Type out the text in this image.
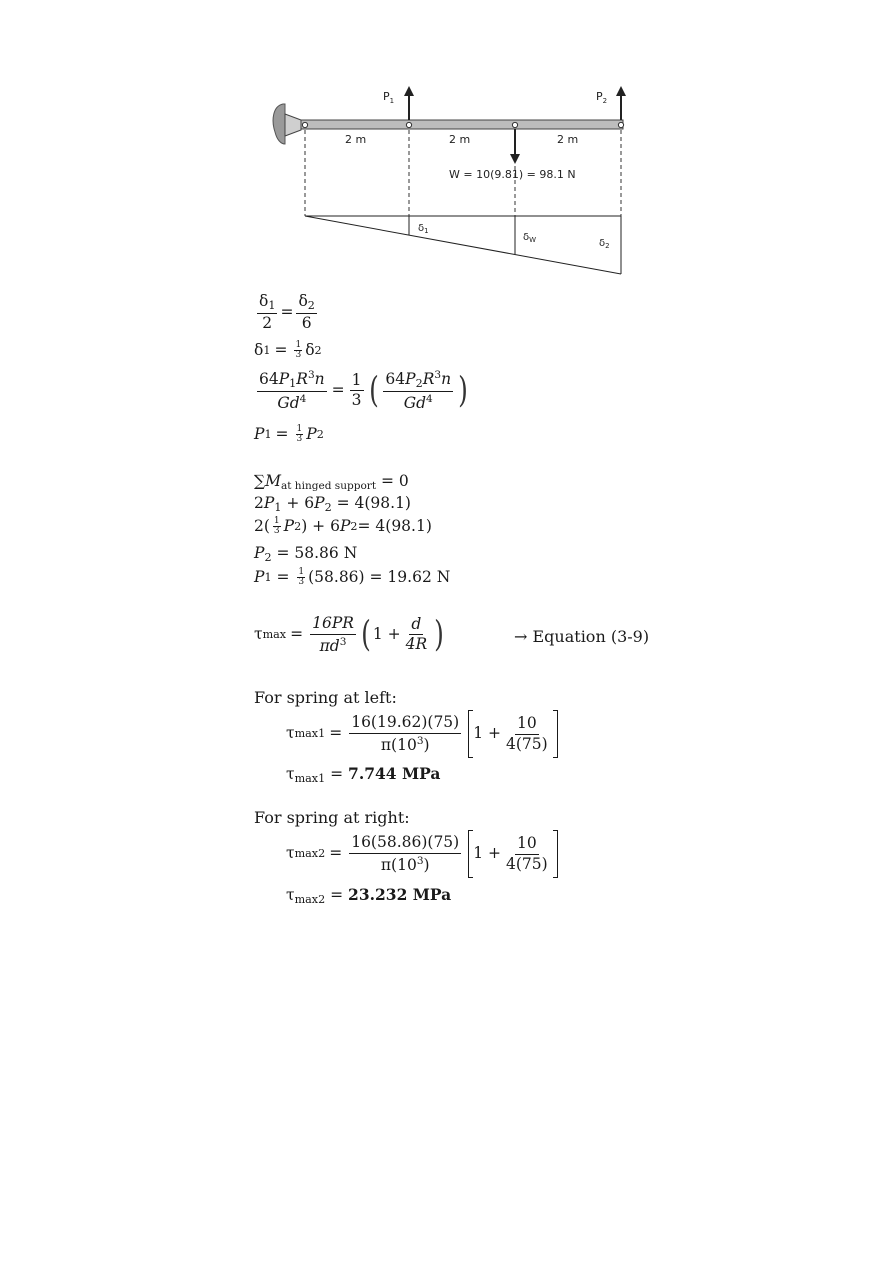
$P_1$	$P_2$
W = 10(9.81) = 98.1 N
2 m	2 m	2 m
$\delta_1$
$\delta_W$	$\delta_2$
$\frac{\delta_1}{2} = \frac{\delta_2}{6}$
δ $1 = \frac{1}{3}$ δ 2
$\frac{64P_1R^3n}{Gd^4} = \frac{1}{3}$ ( $\frac{64P_2R^3n}{Gd^4}$ )
P $1 = \frac{1}{3}$ P 2
$\sum M_{at hinged support} = 0$
$2P_1 + 6P_2 = 4(98.1)$
2( 1
3 P 2 ) + 6 P 2 = 4(98.1)
$P_2 = 58.86$ N
P $1 = \frac{1}{3} (58.86) = 19.62$ N
τ $\max = \frac{16PR}{\pi d^3}$ ( $1 + \frac{d}{4R}$ )	→ Equation (3-9)
For spring at left:
τ $\max 1 = \frac{16(19.62)(75)}{\pi(10^3)} 1 + \frac{10}{4(75)}$
$\tau_{max1} = 7.744$ MPa
For spring at right:
τ $\max 2 = \frac{16(58.86)(75)}{\pi(10^3)} 1 + \frac{10}{4(75)}$
$\tau_{max2} = 23.232$ MPa
